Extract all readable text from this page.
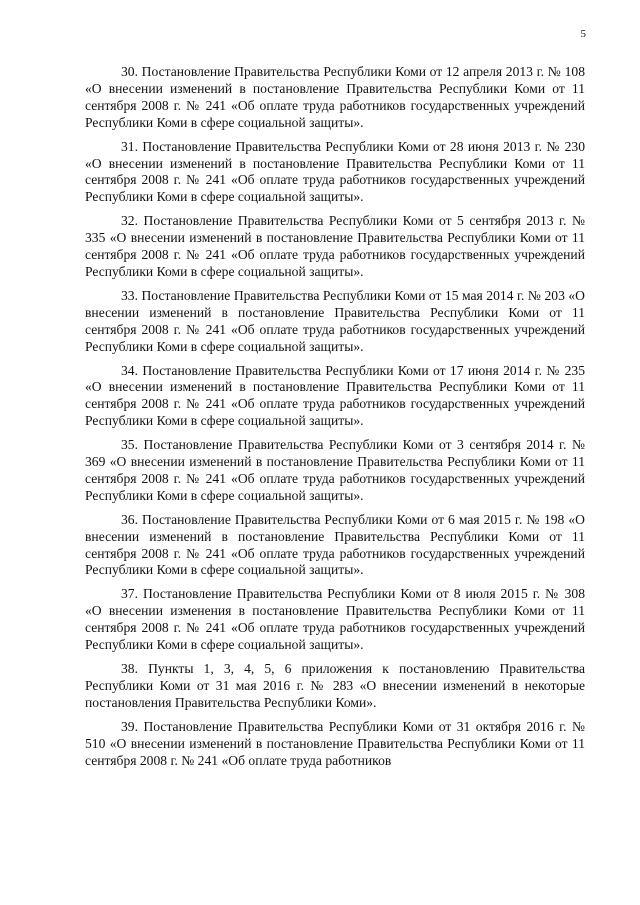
5

30. Постановление Правительства Республики Коми от 12 апреля 2013 г. № 108 «О внесении изменений в постановление Правительства Республики Коми от 11 сентября 2008 г. № 241 «Об оплате труда работников государственных учреждений Республики Коми в сфере социальной защиты».

31. Постановление Правительства Республики Коми от 28 июня 2013 г. № 230 «О внесении изменений в постановление Правительства Республики Коми от 11 сентября 2008 г. № 241 «Об оплате труда работников государственных учреждений Республики Коми в сфере социальной защиты».

32. Постановление Правительства Республики Коми от 5 сентября 2013 г. № 335 «О внесении изменений в постановление Правительства Республики Коми от 11 сентября 2008 г. № 241 «Об оплате труда работников государственных учреждений Республики Коми в сфере социальной защиты».

33. Постановление Правительства Республики Коми от 15 мая 2014 г. № 203 «О внесении изменений в постановление Правительства Республики Коми от 11 сентября 2008 г. № 241 «Об оплате труда работников государственных учреждений Республики Коми в сфере социальной защиты».

34. Постановление Правительства Республики Коми от 17 июня 2014 г. № 235 «О внесении изменений в постановление Правительства Республики Коми от 11 сентября 2008 г. № 241 «Об оплате труда работников государственных учреждений Республики Коми в сфере социальной защиты».

35. Постановление Правительства Республики Коми от 3 сентября 2014 г. № 369 «О внесении изменений в постановление Правительства Республики Коми от 11 сентября 2008 г. № 241 «Об оплате труда работников государственных учреждений Республики Коми в сфере социальной защиты».

36. Постановление Правительства Республики Коми от 6 мая 2015 г. № 198 «О внесении изменений в постановление Правительства Республики Коми от 11 сентября 2008 г. № 241 «Об оплате труда работников государственных учреждений Республики Коми в сфере социальной защиты».

37. Постановление Правительства Республики Коми от 8 июля 2015 г. № 308 «О внесении изменения в постановление Правительства Республики Коми от 11 сентября 2008 г. № 241 «Об оплате труда работников государственных учреждений Республики Коми в сфере социальной защиты».

38. Пункты 1, 3, 4, 5, 6 приложения к постановлению Правительства Республики Коми от 31 мая 2016 г. № 283 «О внесении изменений в некоторые постановления Правительства Республики Коми».

39. Постановление Правительства Республики Коми от 31 октября 2016 г. № 510 «О внесении изменений в постановление Правительства Республики Коми от 11 сентября 2008 г. № 241 «Об оплате труда работников
